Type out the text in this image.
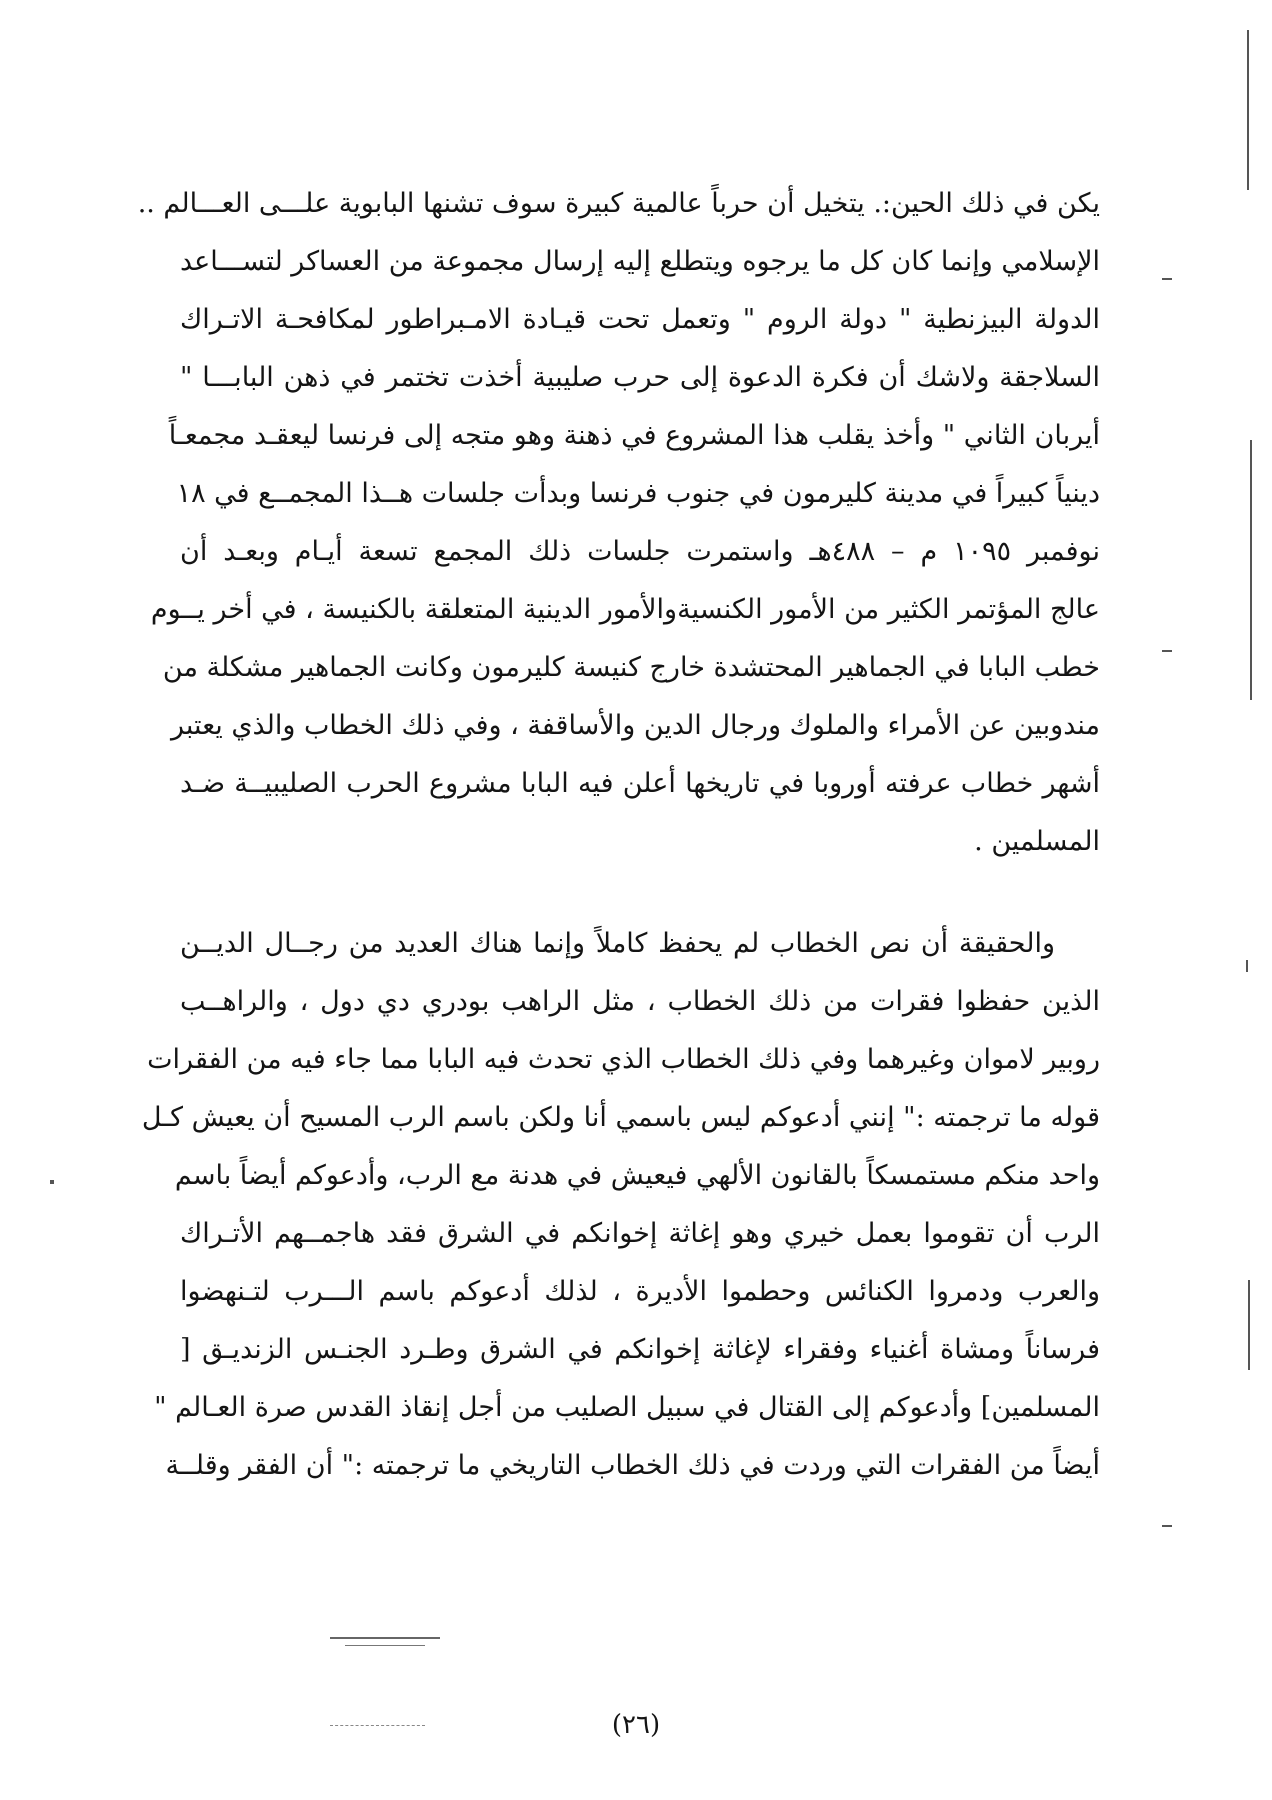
يكن في ذلك الحين:. يتخيل أن حرباً عالمية كبيرة سوف تشنها البابوية علـــى العـــالم ..
الإسلامي وإنما كان كل ما يرجوه ويتطلع إليه إرسال مجموعة من العساكر لتســـاعد
الدولة البيزنطية " دولة الروم " وتعمل تحت قيـادة الامـبراطور لمكافحـة الاتـراك
السلاجقة ولاشك أن فكرة الدعوة إلى حرب صليبية أخذت تختمر في ذهن البابـــا "
أيربان الثاني " وأخذ يقلب هذا المشروع في ذهنة وهو متجه إلى فرنسا ليعقـد مجمعـاً
دينياً كبيراً في مدينة كليرمون في جنوب فرنسا وبدأت جلسات هــذا المجمــع في ١٨
نوفمبر ١٠٩٥ م – ٤٨٨هـ واستمرت جلسات ذلك المجمع تسعة أيـام وبعـد أن
عالج المؤتمر الكثير من الأمور الكنسيةوالأمور الدينية المتعلقة بالكنيسة ، في أخر يــوم
خطب البابا في الجماهير المحتشدة خارج كنيسة كليرمون وكانت الجماهير مشكلة من
مندوبين عن الأمراء والملوك ورجال الدين والأساقفة ، وفي ذلك الخطاب والذي يعتبر
أشهر خطاب عرفته أوروبا في تاريخها أعلن فيه البابا مشروع الحرب الصليبيــة ضـد
المسلمين .
والحقيقة أن نص الخطاب لم يحفظ كاملاً وإنما هناك العديد من رجــال الديــن
الذين حفظوا فقرات من ذلك الخطاب ، مثل الراهب بودري دي دول ، والراهــب
روبير لاموان وغيرهما وفي ذلك الخطاب الذي تحدث فيه البابا مما جاء فيه من الفقرات
قوله ما ترجمته :" إنني أدعوكم ليس باسمي أنا ولكن باسم الرب المسيح أن يعيش كـل
واحد منكم مستمسكاً بالقانون الألهي فيعيش في هدنة مع الرب، وأدعوكم أيضاً باسم
الرب أن تقوموا بعمل خيري وهو إغاثة إخوانكم في الشرق فقد هاجمــهم الأتـراك
والعرب ودمروا الكنائس وحطموا الأديرة ، لذلك أدعوكم باسم الـــرب لتـنهضوا
فرساناً ومشاة أغنياء وفقراء لإغاثة إخوانكم في الشرق وطـرد الجنـس الزنديـق [
المسلمين] وأدعوكم إلى القتال في سبيل الصليب من أجل إنقاذ القدس صرة العـالم "
أيضاً من الفقرات التي وردت في ذلك الخطاب التاريخي ما ترجمته :" أن الفقر وقلــة
(٢٦)
